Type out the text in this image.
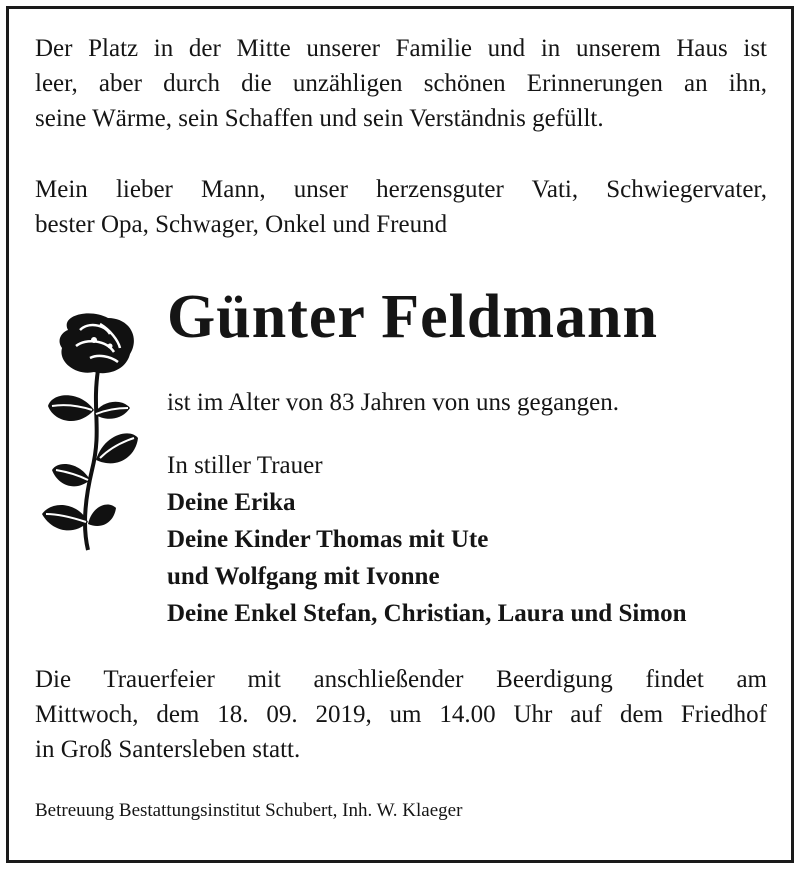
Der Platz in der Mitte unserer Familie und in unserem Haus ist
leer, aber durch die unzähligen schönen Erinnerungen an ihn,
seine Wärme, sein Schaffen und sein Verständnis gefüllt.

Mein lieber Mann, unser herzensguter Vati, Schwiegervater,
bester Opa, Schwager, Onkel und Freund

Günter Feldmann

ist im Alter von 83 Jahren von uns gegangen.

In stiller Trauer

Deine Erika

Deine Kinder Thomas mit Ute

und Wolfgang mit Ivonne

Deine Enkel Stefan, Christian, Laura und Simon

Die Trauerfeier mit anschließender Beerdigung findet am
Mittwoch, dem 18. 09. 2019, um 14.00 Uhr auf dem Friedhof
in Groß Santersleben statt.

Betreuung Bestattungsinstitut Schubert, Inh. W. Klaeger
